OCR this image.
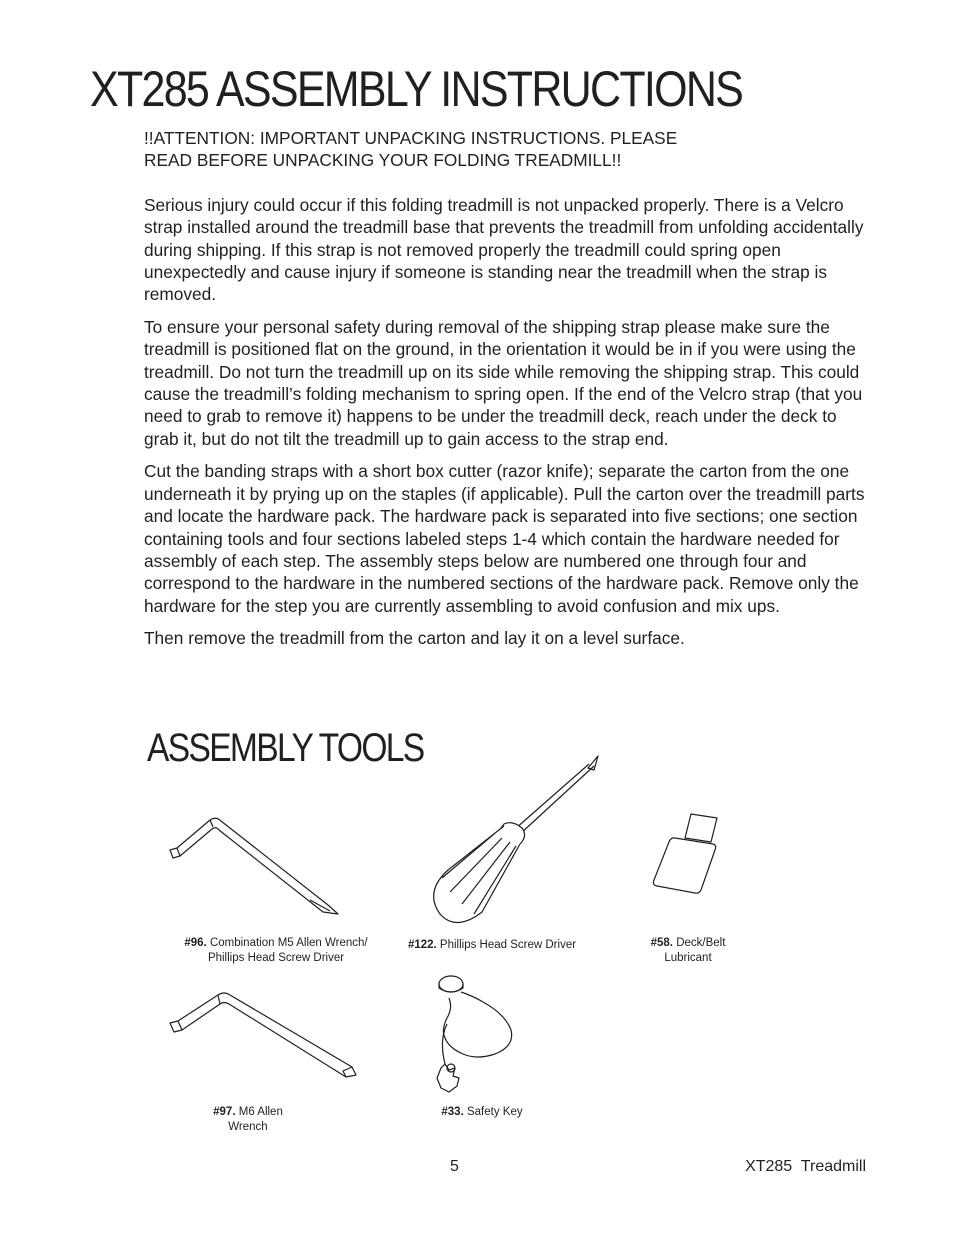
XT285 ASSEMBLY INSTRUCTIONS

!!ATTENTION: IMPORTANT UNPACKING INSTRUCTIONS. PLEASE
READ BEFORE UNPACKING YOUR FOLDING TREADMILL!!

Serious injury could occur if this folding treadmill is not unpacked properly. There is a Velcro strap installed around the treadmill base that prevents the treadmill from unfolding accidentally during shipping. If this strap is not removed properly the treadmill could spring open unexpectedly and cause injury if someone is standing near the treadmill when the strap is removed.

To ensure your personal safety during removal of the shipping strap please make sure the treadmill is positioned flat on the ground, in the orientation it would be in if you were using the treadmill. Do not turn the treadmill up on its side while removing the shipping strap. This could cause the treadmill’s folding mechanism to spring open. If the end of the Velcro strap (that you need to grab to remove it) happens to be under the treadmill deck, reach under the deck to grab it, but do not tilt the treadmill up to gain access to the strap end.

Cut the banding straps with a short box cutter (razor knife); separate the carton from the one underneath it by prying up on the staples (if applicable). Pull the carton over the treadmill parts and locate the hardware pack. The hardware pack is separated into five sections; one section containing tools and four sections labeled steps 1-4 which contain the hardware needed for assembly of each step. The assembly steps below are numbered one through four and correspond to the hardware in the numbered sections of the hardware pack. Remove only the hardware for the step you are currently assembling to avoid confusion and mix ups.

Then remove the treadmill from the carton and lay it on a level surface.

ASSEMBLY TOOLS
#96. Combination M5 Allen Wrench/
Phillips Head Screw Driver
#122. Phillips Head Screw Driver	#58. Deck/Belt
Lubricant
#97. M6 Allen
Wrench
#33. Safety Key
5	XT285  Treadmill
